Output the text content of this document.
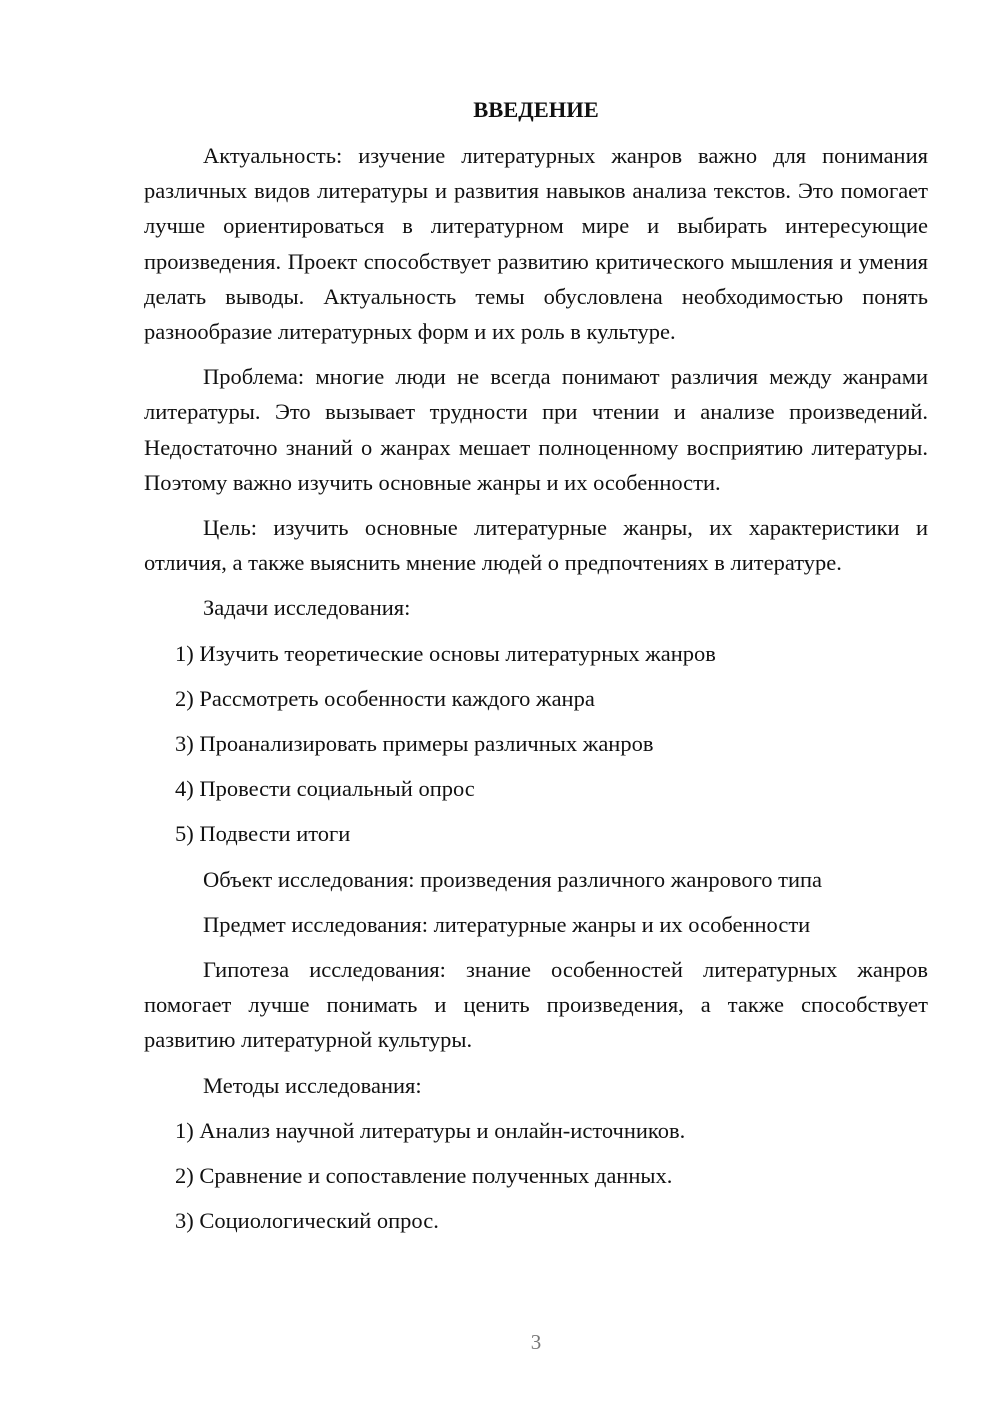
ВВЕДЕНИЕ
Актуальность: изучение литературных жанров важно для понимания различных видов литературы и развития навыков анализа текстов. Это помогает лучше ориентироваться в литературном мире и выбирать интересующие произведения. Проект способствует развитию критического мышления и умения делать выводы. Актуальность темы обусловлена необходимостью понять разнообразие литературных форм и их роль в культуре.
Проблема: многие люди не всегда понимают различия между жанрами литературы. Это вызывает трудности при чтении и анализе произведений. Недостаточно знаний о жанрах мешает полноценному восприятию литературы. Поэтому важно изучить основные жанры и их особенности.
Цель: изучить основные литературные жанры, их характеристики и отличия, а также выяснить мнение людей о предпочтениях в литературе.
Задачи исследования:
1) Изучить теоретические основы литературных жанров
2) Рассмотреть особенности каждого жанра
3) Проанализировать примеры различных жанров
4) Провести социальный опрос
5) Подвести итоги
Объект исследования: произведения различного жанрового типа
Предмет исследования: литературные жанры и их особенности
Гипотеза исследования: знание особенностей литературных жанров помогает лучше понимать и ценить произведения, а также способствует развитию литературной культуры.
Методы исследования:
1) Анализ научной литературы и онлайн-источников.
2) Сравнение и сопоставление полученных данных.
3) Социологический опрос.
3
